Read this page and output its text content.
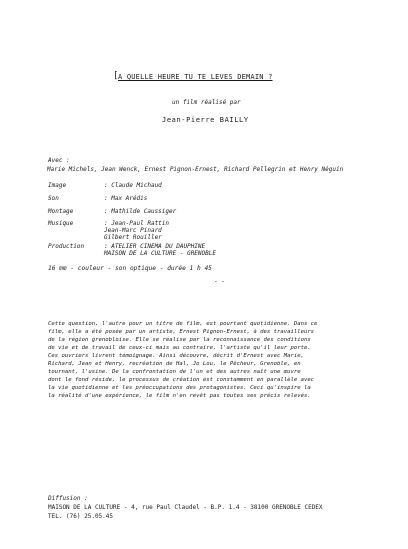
[ A QUELLE HEURE TU TE LEVES DEMAIN ?
un film réalisé par
Jean-Pierre BAILLY
Avec :
Marie Michels, Jean Wenck, Ernest Pignon-Ernest, Richard Pellegrin et Henry Néguin
Image	: Claude Michaud
Son	: Max Arédis
Montage	: Mathilde Caussiger
Musique	: Jean-Paul Rattin
Jean-Marc Pinard
Gilbert Rouiller
Production	: ATELIER CINEMA DU DAUPHINE
MAISON DE LA CULTURE - GRENOBLE
16 mm - couleur - son optique - durée 1 h 45
- -
Cette question, l'autre pour un titre de film, est pourtant quotidienne. Dans ce
film, elle a été posée par un artiste, Ernest Pignon-Ernest, à des travailleurs
de la région grenobloise. Elle se réalise par la reconnaissance des conditions
de vie et de travail de ceux-ci mais au contraire, l'artiste qu'il leur porte.
Ces ouvriers livrent témoignage. Ainsi découvre, décrit d'Ernest avec Marie,
Richard, Jean et Henry, recréation de Hal, Jo Lou, le Pêcheur, Grenoble, en
tournant, l'usine. De la confrontation de l'un et des autres naît une œuvre
dont le fond réside, le processus de création est constamment en parallèle avec
la vie quotidienne et les préoccupations des protagonistes. Ceci qu'inspire la
la réalité d'une expérience, le film n'en revêt pas toutes ses précis relevés.
Diffusion :
MAISON DE LA CULTURE - 4, rue Paul Claudel - B.P. 1.4 - 38100 GRENOBLE CEDEX
TEL. (76) 25.05.45
